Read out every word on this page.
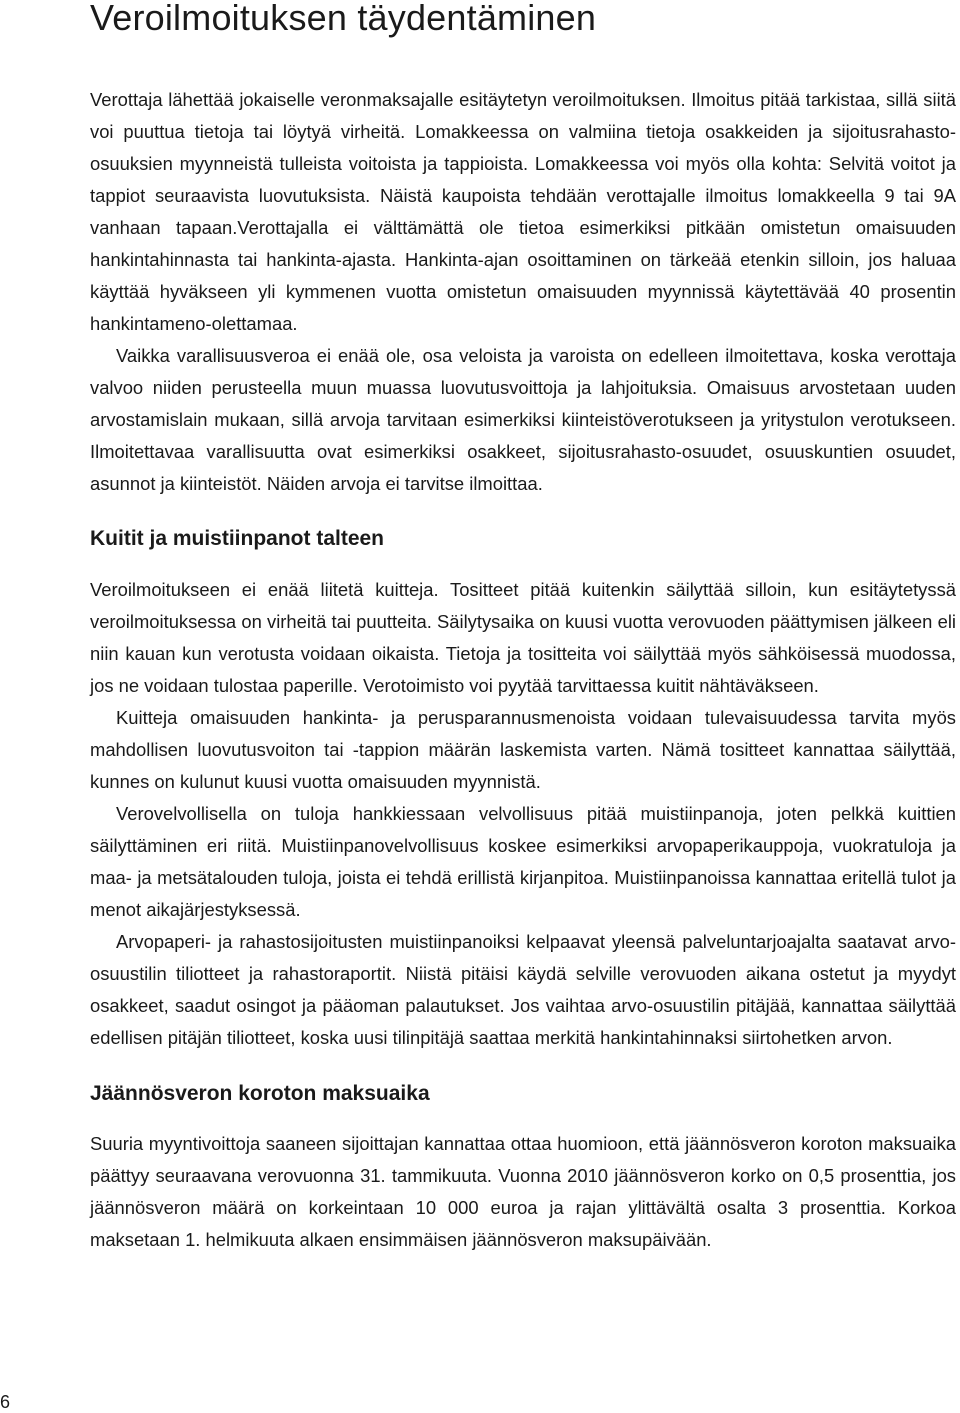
Veroilmoituksen täydentäminen

Verottaja lähettää jokaiselle veronmaksajalle esitäytetyn veroilmoituksen. Ilmoitus pitää tarkistaa, sillä siitä voi puuttua tietoja tai löytyä virheitä. Lomakkeessa on valmiina tietoja osakkeiden ja sijoitusrahasto-osuuksien myynneistä tulleista voitoista ja tappioista. Lomakkeessa voi myös olla kohta: Selvitä voitot ja tappiot seuraavista luovutuksista. Näistä kaupoista tehdään verottajalle ilmoitus lomakkeella 9 tai 9A vanhaan tapaan.Verottajalla ei välttämättä ole tietoa esimerkiksi pitkään omistetun omaisuuden hankintahinnasta tai hankinta-ajasta. Hankinta-ajan osoittaminen on tärkeää etenkin silloin, jos haluaa käyttää hyväkseen yli kymmenen vuotta omistetun omaisuuden myynnissä käytettävää 40 prosentin hankintameno-olettamaa.

Vaikka varallisuusveroa ei enää ole, osa veloista ja varoista on edelleen ilmoitettava, koska verottaja valvoo niiden perusteella muun muassa luovutusvoittoja ja lahjoituksia. Omaisuus arvostetaan uuden arvostamislain mukaan, sillä arvoja tarvitaan esimerkiksi kiinteistöverotukseen ja yritystulon verotukseen. Ilmoitettavaa varallisuutta ovat esimerkiksi osakkeet, sijoitusrahasto-osuudet, osuuskuntien osuudet, asunnot ja kiinteistöt. Näiden arvoja ei tarvitse ilmoittaa.

Kuitit ja muistiinpanot talteen

Veroilmoitukseen ei enää liitetä kuitteja. Tositteet pitää kuitenkin säilyttää silloin, kun esitäytetyssä veroilmoituksessa on virheitä tai puutteita. Säilytysaika on kuusi vuotta verovuoden päättymisen jälkeen eli niin kauan kun verotusta voidaan oikaista. Tietoja ja tositteita voi säilyttää myös sähköisessä muodossa, jos ne voidaan tulostaa paperille. Verotoimisto voi pyytää tarvittaessa kuitit nähtäväkseen.

Kuitteja omaisuuden hankinta- ja perusparannusmenoista voidaan tulevaisuudessa tarvita myös mahdollisen luovutusvoiton tai -tappion määrän laskemista varten. Nämä tositteet kannattaa säilyttää, kunnes on kulunut kuusi vuotta omaisuuden myynnistä.

Verovelvollisella on tuloja hankkiessaan velvollisuus pitää muistiinpanoja, joten pelkkä kuittien säilyttäminen eri riitä. Muistiinpanovelvollisuus koskee esimerkiksi arvopaperikauppoja, vuokratuloja ja maa- ja metsätalouden tuloja, joista ei tehdä erillistä kirjanpitoa. Muistiinpanoissa kannattaa eritellä tulot ja menot aikajärjestyksessä.

Arvopaperi- ja rahastosijoitusten muistiinpanoiksi kelpaavat yleensä palveluntarjoajalta saatavat arvo-osuustilin tiliotteet ja rahastoraportit. Niistä pitäisi käydä selville verovuoden aikana ostetut ja myydyt osakkeet, saadut osingot ja pääoman palautukset. Jos vaihtaa arvo-osuustilin pitäjää, kannattaa säilyttää edellisen pitäjän tiliotteet, koska uusi tilinpitäjä saattaa merkitä hankintahinnaksi siirtohetken arvon.

Jäännösveron koroton maksuaika

Suuria myyntivoittoja saaneen sijoittajan kannattaa ottaa huomioon, että jäännösveron koroton maksuaika päättyy seuraavana verovuonna 31. tammikuuta. Vuonna 2010 jäännösveron korko on 0,5 prosenttia, jos jäännösveron määrä on korkeintaan 10 000 euroa ja rajan ylittävältä osalta 3 prosenttia. Korkoa maksetaan 1. helmikuuta alkaen ensimmäisen jäännösveron maksupäivään.

6
